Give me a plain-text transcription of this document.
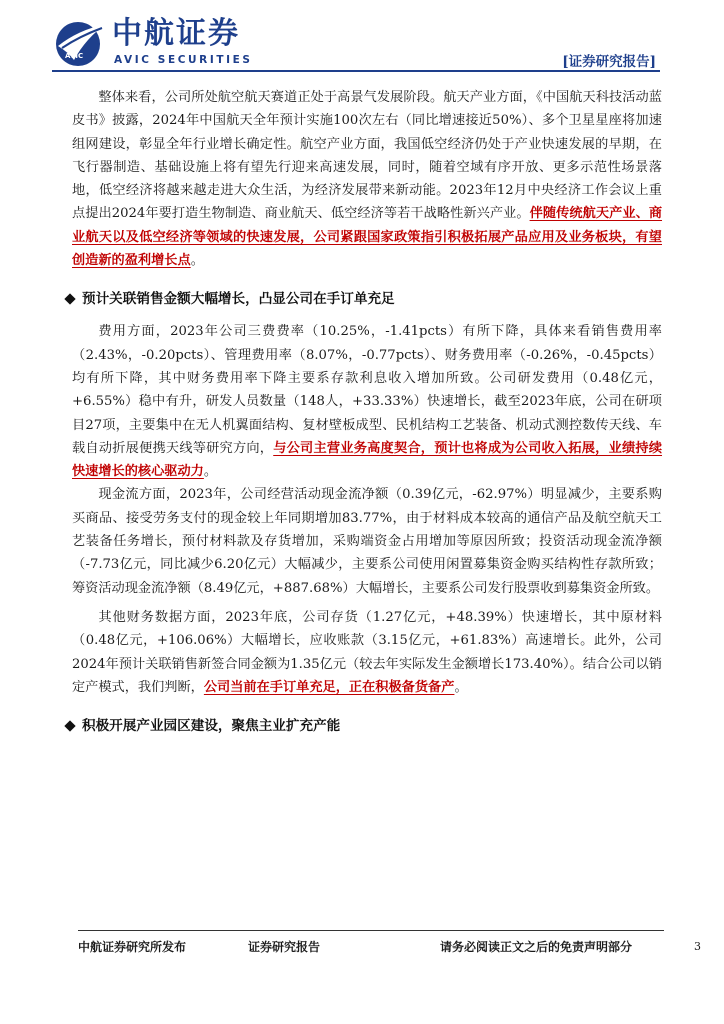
AVIC
中航证券
AVIC SECURITIES	[证券研究报告]

整体来看，公司所处航空航天赛道正处于高景气发展阶段。航天产业方面，《中国航天科技活动蓝皮书》披露，2024年中国航天全年预计实施100次左右（同比增速接近50%）、多个卫星星座将加速组网建设，彰显全年行业增长确定性。航空产业方面，我国低空经济仍处于产业快速发展的早期，在飞行器制造、基础设施上将有望先行迎来高速发展，同时，随着空域有序开放、更多示范性场景落地，低空经济将越来越走进大众生活，为经济发展带来新动能。2023年12月中央经济工作会议上重点提出2024年要打造生物制造、商业航天、低空经济等若干战略性新兴产业。伴随传统航天产业、商业航天以及低空经济等领域的快速发展，公司紧跟国家政策指引积极拓展产品应用及业务板块，有望创造新的盈利增长点。

预计关联销售金额大幅增长，凸显公司在手订单充足

费用方面，2023年公司三费费率（10.25%，-1.41pcts）有所下降，具体来看销售费用率（2.43%，-0.20pcts）、管理费用率（8.07%，-0.77pcts）、财务费用率（-0.26%，-0.45pcts）均有所下降，其中财务费用率下降主要系存款利息收入增加所致。公司研发费用（0.48亿元，+6.55%）稳中有升，研发人员数量（148人，+33.33%）快速增长，截至2023年底，公司在研项目27项，主要集中在无人机翼面结构、复材壁板成型、民机结构工艺装备、机动式测控数传天线、车载自动折展便携天线等研究方向，与公司主营业务高度契合，预计也将成为公司收入拓展，业绩持续快速增长的核心驱动力。

现金流方面，2023年，公司经营活动现金流净额（0.39亿元，-62.97%）明显减少，主要系购买商品、接受劳务支付的现金较上年同期增加83.77%，由于材料成本较高的通信产品及航空航天工艺装备任务增长，预付材料款及存货增加，采购端资金占用增加等原因所致；投资活动现金流净额（-7.73亿元，同比减少6.20亿元）大幅减少，主要系公司使用闲置募集资金购买结构性存款所致；筹资活动现金流净额（8.49亿元，+887.68%）大幅增长，主要系公司发行股票收到募集资金所致。

其他财务数据方面，2023年底，公司存货（1.27亿元，+48.39%）快速增长，其中原材料（0.48亿元，+106.06%）大幅增长，应收账款（3.15亿元，+61.83%）高速增长。此外，公司2024年预计关联销售新签合同金额为1.35亿元（较去年实际发生金额增长173.40%）。结合公司以销定产模式，我们判断，公司当前在手订单充足，正在积极备货备产。

积极开展产业园区建设，聚焦主业扩充产能
中航证券研究所发布	证券研究报告	请务必阅读正文之后的免责声明部分	3
